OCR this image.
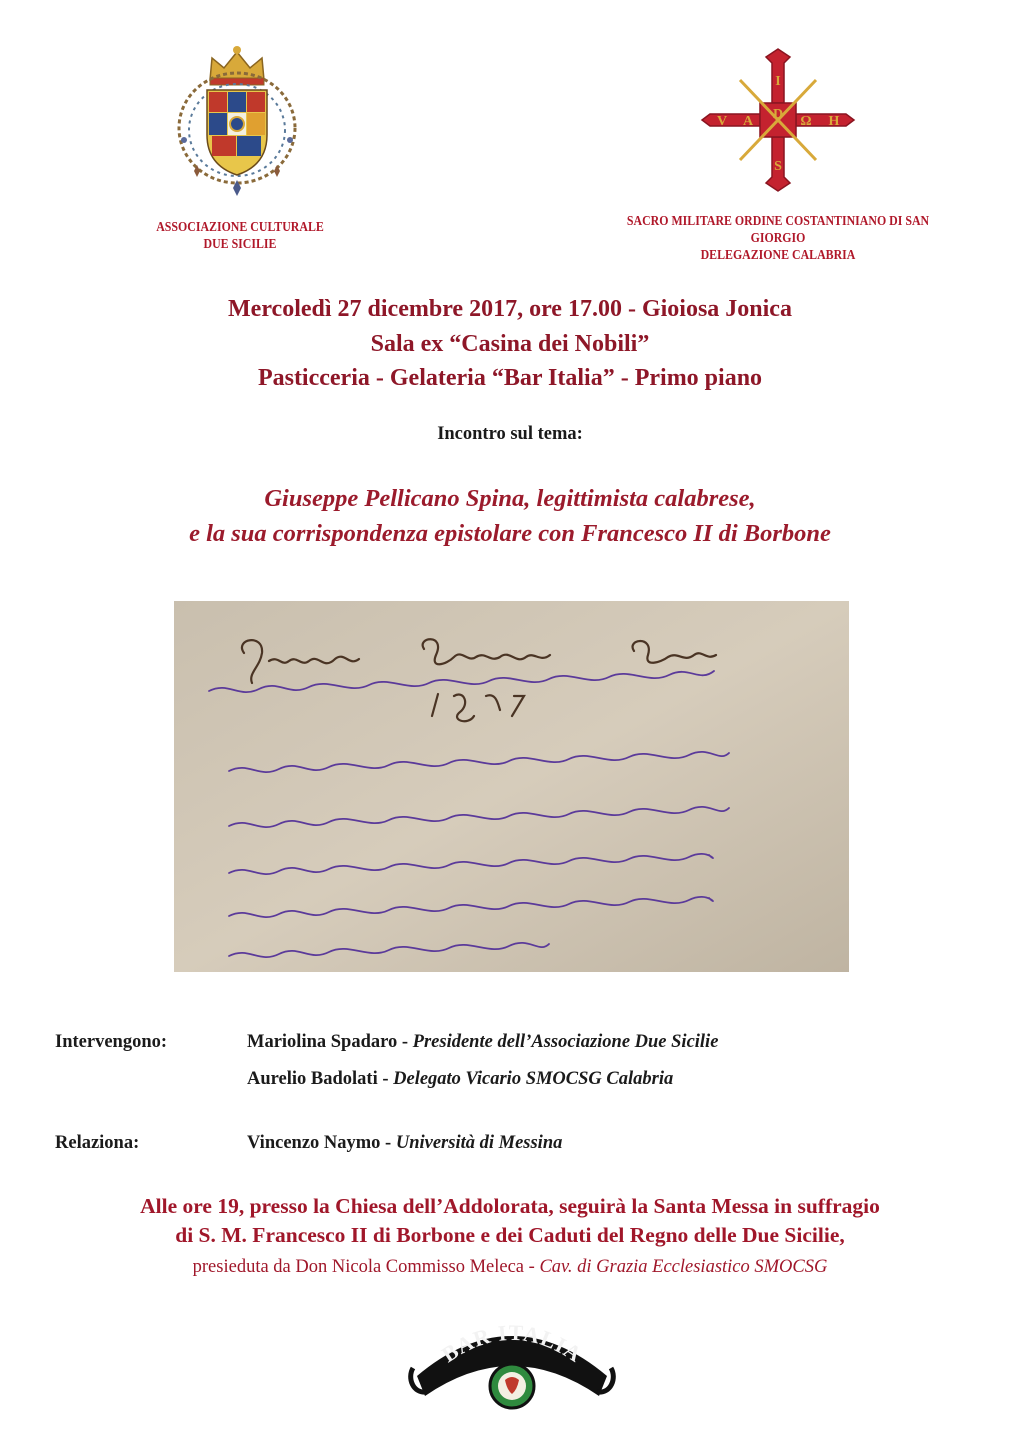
ASSOCIAZIONE CULTURALE
DUE SICILIE
I
D
S
V A	Ω H
SACRO MILITARE ORDINE COSTANTINIANO DI SAN GIORGIO
DELEGAZIONE CALABRIA
Mercoledì 27 dicembre 2017, ore 17.00 - Gioiosa Jonica
Sala ex “Casina dei Nobili”
Pasticceria - Gelateria “Bar Italia” - Primo piano
Incontro sul tema:
Giuseppe Pellicano Spina, legittimista calabrese,
e la sua corrispondenza epistolare con Francesco II di Borbone
Intervengono:	Mariolina Spadaro - Presidente dell’Associazione Due Sicilie
Aurelio Badolati - Delegato Vicario SMOCSG Calabria
Relaziona:	Vincenzo Naymo - Università di Messina
Alle ore 19, presso la Chiesa dell’Addolorata, seguirà la Santa Messa in suffragio
di S. M. Francesco II di Borbone e dei Caduti del Regno delle Due Sicilie,
presieduta da Don Nicola Commisso Meleca - Cav. di Grazia Ecclesiastico SMOCSG
BAR ITALIA
